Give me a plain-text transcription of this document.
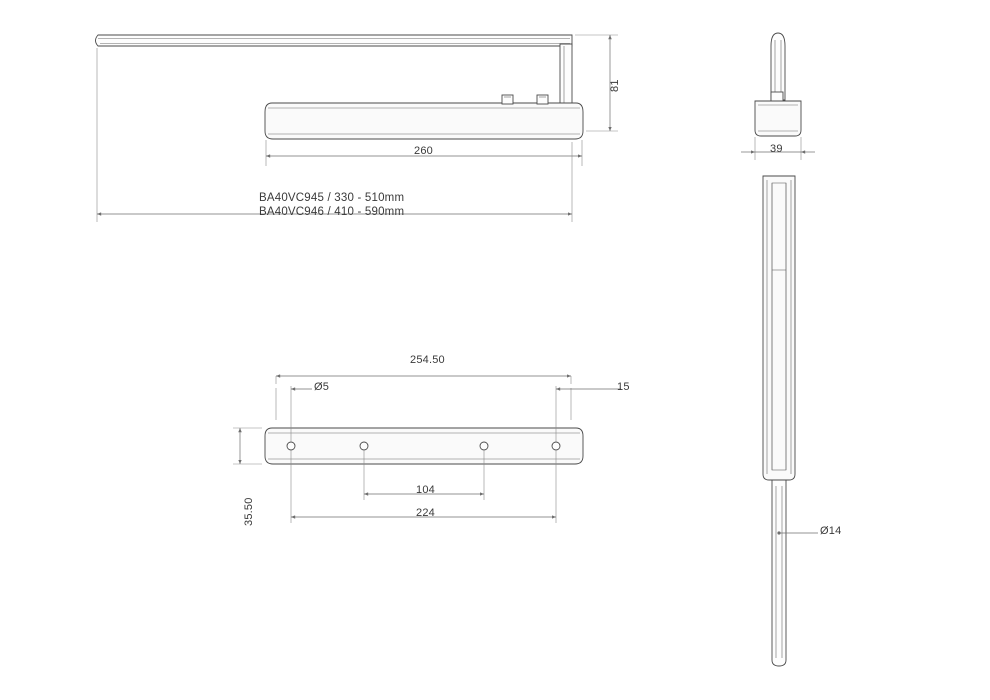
81
260
BA40VC945 / 330 - 510mm
BA40VC946 / 410 - 590mm
39
Ø14
254.50
Ø5	15
35.50
104
224
